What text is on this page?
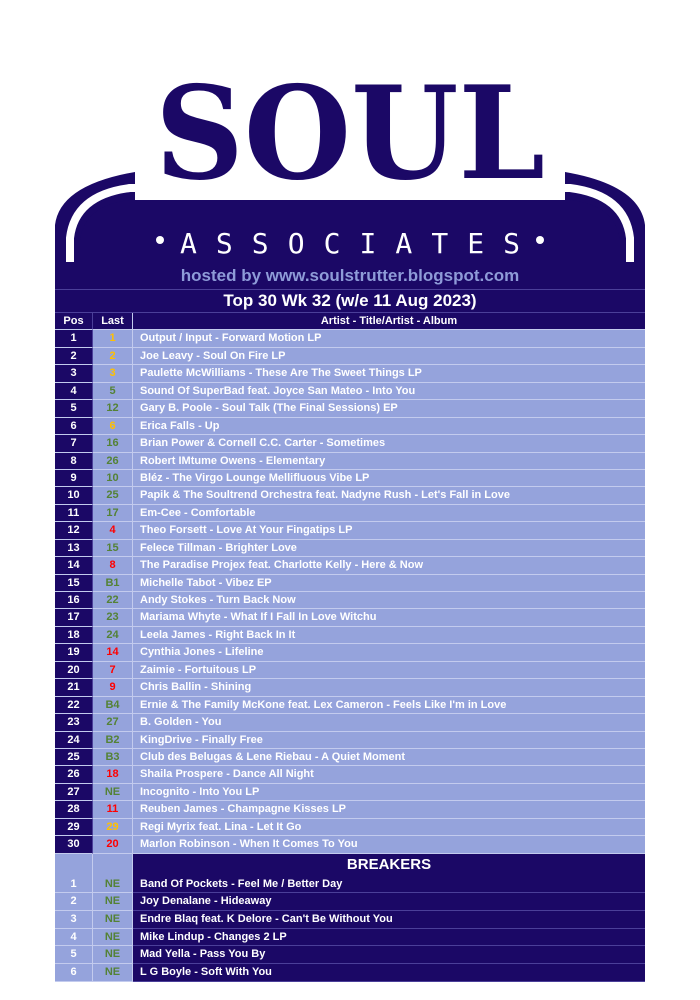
SOUL
ASSOCIATES
hosted by www.soulstrutter.blogspot.com
Top 30 Wk 32 (w/e 11 Aug 2023)
Pos	Last	Artist - Title/Artist - Album
1	1	Output / Input - Forward Motion LP
2	2	Joe Leavy - Soul On Fire LP
3	3	Paulette McWilliams - These Are The Sweet Things LP
4	5	Sound Of SuperBad feat. Joyce San Mateo - Into You
5	12	Gary B. Poole - Soul Talk (The Final Sessions) EP
6	6	Erica Falls - Up
7	16	Brian Power & Cornell C.C. Carter - Sometimes
8	26	Robert IMtume Owens - Elementary
9	10	Bléz - The Virgo Lounge Mellifluous Vibe LP
10	25	Papik & The Soultrend Orchestra feat. Nadyne Rush - Let's Fall in Love
11	17	Em-Cee - Comfortable
12	4	Theo Forsett - Love At Your Fingatips LP
13	15	Felece Tillman - Brighter Love
14	8	The Paradise Projex feat. Charlotte Kelly - Here & Now
15	B1	Michelle Tabot - Vibez EP
16	22	Andy Stokes - Turn Back Now
17	23	Mariama Whyte - What If I Fall In Love Witchu
18	24	Leela James - Right Back In It
19	14	Cynthia Jones - Lifeline
20	7	Zaimie - Fortuitous LP
21	9	Chris Ballin - Shining
22	B4	Ernie & The Family McKone feat. Lex Cameron - Feels Like I'm in Love
23	27	B. Golden - You
24	B2	KingDrive - Finally Free
25	B3	Club des Belugas & Lene Riebau - A Quiet Moment
26	18	Shaila Prospere - Dance All Night
27	NE	Incognito - Into You LP
28	11	Reuben James - Champagne Kisses LP
29	29	Regi Myrix feat. Lina - Let It Go
30	20	Marlon Robinson - When It Comes To You
BREAKERS
1	NE	Band Of Pockets - Feel Me / Better Day
2	NE	Joy Denalane - Hideaway
3	NE	Endre Blaq feat. K Delore - Can't Be Without You
4	NE	Mike Lindup - Changes 2 LP
5	NE	Mad Yella - Pass You By
6	NE	L G Boyle - Soft With You
